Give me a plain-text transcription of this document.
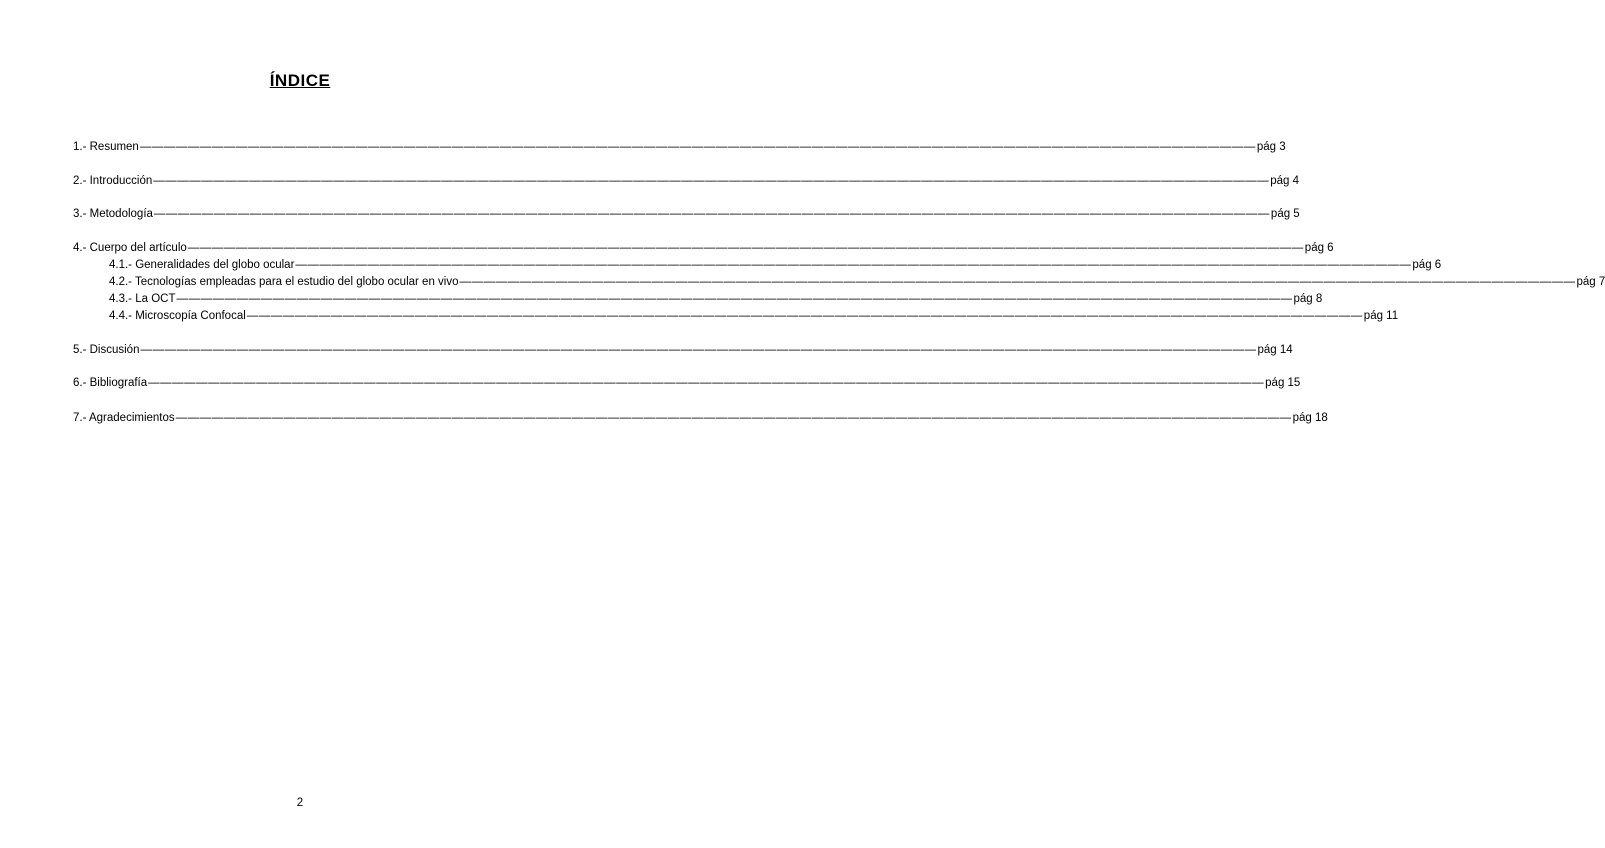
ÍNDICE
1.- Resumen ————————————————————————————————————————————————————————————————————————————————————————————— pág 3
2.- Introducción ————————————————————————————————————————————————————————————————————————————————————————————— pág 4
3.- Metodología ————————————————————————————————————————————————————————————————————————————————————————————— pág 5
4.- Cuerpo del artículo ————————————————————————————————————————————————————————————————————————————————————————————— pág 6
4.1.- Generalidades del globo ocular ————————————————————————————————————————————————————————————————————————————————————————————— pág 6
4.2.- Tecnologías empleadas para el estudio del globo ocular en vivo ————————————————————————————————————————————————————————————————————————————————————————————— pág 7
4.3.- La OCT ————————————————————————————————————————————————————————————————————————————————————————————— pág 8
4.4.- Microscopía Confocal ————————————————————————————————————————————————————————————————————————————————————————————— pág 11
5.- Discusión ————————————————————————————————————————————————————————————————————————————————————————————— pág 14
6.- Bibliografía ————————————————————————————————————————————————————————————————————————————————————————————— pág 15
7.- Agradecimientos ————————————————————————————————————————————————————————————————————————————————————————————— pág 18
2
